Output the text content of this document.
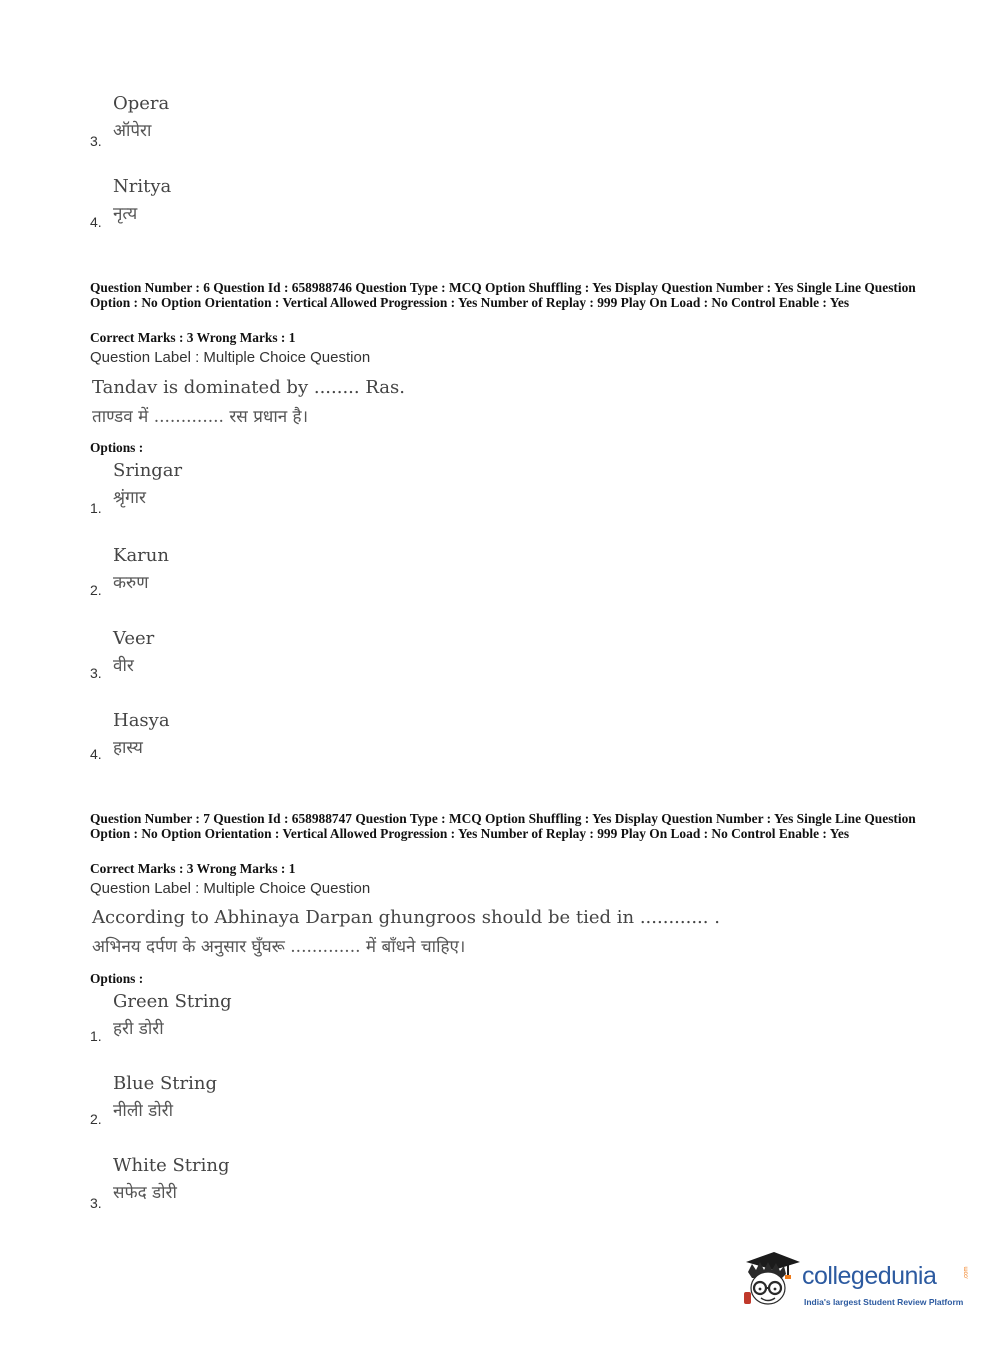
Opera
ऑपेरा
3.
Nritya
नृत्य
4.
Question Number : 6 Question Id : 658988746 Question Type : MCQ Option Shuffling : Yes Display Question Number : Yes Single Line Question Option : No Option Orientation : Vertical Allowed Progression : Yes Number of Replay : 999 Play On Load : No Control Enable : Yes
Correct Marks : 3 Wrong Marks : 1
Question Label : Multiple Choice Question
Tandav is dominated by ........ Ras.
ताण्डव में ............. रस प्रधान है।
Options :
Sringar
श्रृंगार
1.
Karun
करुण
2.
Veer
वीर
3.
Hasya
हास्य
4.
Question Number : 7 Question Id : 658988747 Question Type : MCQ Option Shuffling : Yes Display Question Number : Yes Single Line Question Option : No Option Orientation : Vertical Allowed Progression : Yes Number of Replay : 999 Play On Load : No Control Enable : Yes
Correct Marks : 3 Wrong Marks : 1
Question Label : Multiple Choice Question
According to Abhinaya Darpan ghungroos should be tied in ............ .
अभिनय दर्पण के अनुसार घुँघरू ............. में बाँधने चाहिए।
Options :
Green String
हरी डोरी
1.
Blue String
नीली डोरी
2.
White String
सफेद डोरी
3.
collegedunia	.com
India's largest Student Review Platform
